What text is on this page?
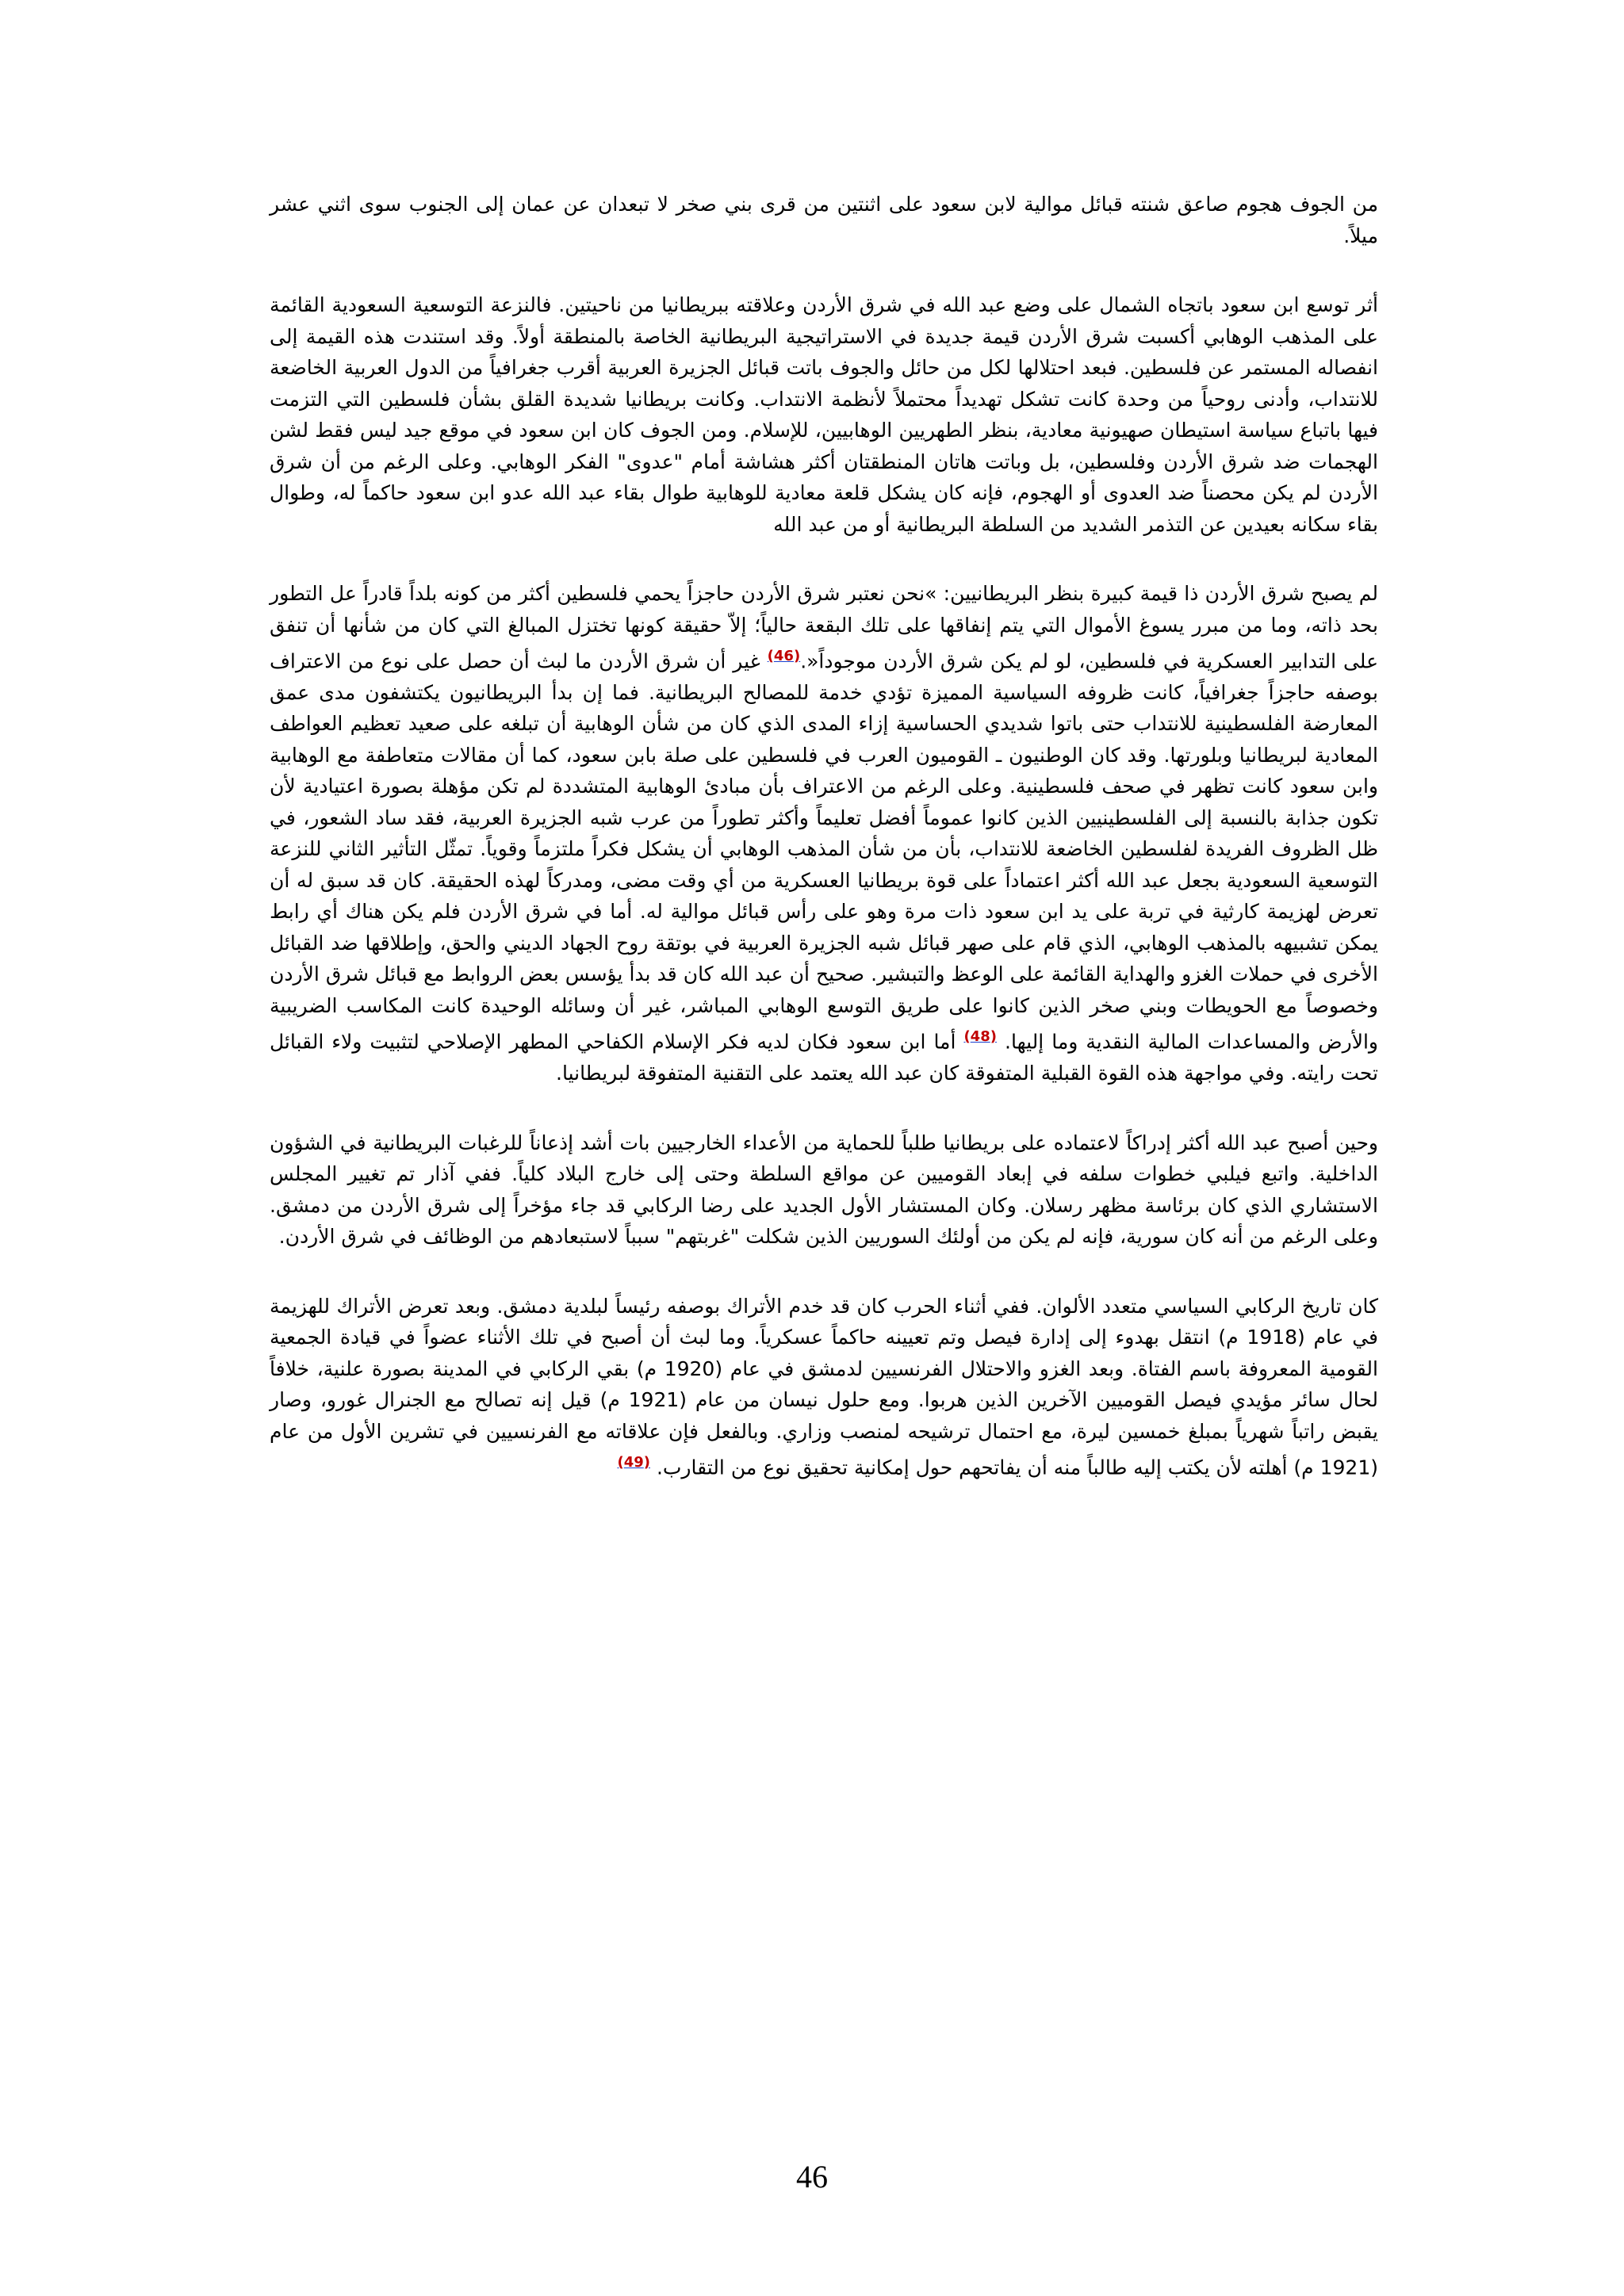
من الجوف هجوم صاعق شنته قبائل موالية لابن سعود على اثنتين من قرى بني صخر لا تبعدان عن عمان إلى الجنوب سوى اثني عشر ميلاً.

أثر توسع ابن سعود باتجاه الشمال على وضع عبد الله في شرق الأردن وعلاقته ببريطانيا من ناحيتين. فالنزعة التوسعية السعودية القائمة على المذهب الوهابي أكسبت شرق الأردن قيمة جديدة في الاستراتيجية البريطانية الخاصة بالمنطقة أولاً. وقد استندت هذه القيمة إلى انفصاله المستمر عن فلسطين. فبعد احتلالها لكل من حائل والجوف باتت قبائل الجزيرة العربية أقرب جغرافياً من الدول العربية الخاضعة للانتداب، وأدنى روحياً من وحدة كانت تشكل تهديداً محتملاً لأنظمة الانتداب. وكانت بريطانيا شديدة القلق بشأن فلسطين التي التزمت فيها باتباع سياسة استيطان صهيونية معادية، بنظر الطهريين الوهابيين، للإسلام. ومن الجوف كان ابن سعود في موقع جيد ليس فقط لشن الهجمات ضد شرق الأردن وفلسطين، بل وباتت هاتان المنطقتان أكثر هشاشة أمام "عدوى" الفكر الوهابي. وعلى الرغم من أن شرق الأردن لم يكن محصناً ضد العدوى أو الهجوم، فإنه كان يشكل قلعة معادية للوهابية طوال بقاء عبد الله عدو ابن سعود حاكماً له، وطوال بقاء سكانه بعيدين عن التذمر الشديد من السلطة البريطانية أو من عبد الله

لم يصبح شرق الأردن ذا قيمة كبيرة بنظر البريطانيين: »نحن نعتبر شرق الأردن حاجزاً يحمي فلسطين أكثر من كونه بلداً قادراً عل التطور بحد ذاته، وما من مبرر يسوغ الأموال التي يتم إنفاقها على تلك البقعة حالياً؛ إلاّ حقيقة كونها تختزل المبالغ التي كان من شأنها أن تنفق على التدابير العسكرية في فلسطين، لو لم يكن شرق الأردن موجوداً«.$^{(46)}$ غير أن شرق الأردن ما لبث أن حصل على نوع من الاعتراف بوصفه حاجزاً جغرافياً، كانت ظروفه السياسية المميزة تؤدي خدمة للمصالح البريطانية. فما إن بدأ البريطانيون يكتشفون مدى عمق المعارضة الفلسطينية للانتداب حتى باتوا شديدي الحساسية إزاء المدى الذي كان من شأن الوهابية أن تبلغه على صعيد تعظيم العواطف المعادية لبريطانيا وبلورتها. وقد كان الوطنيون ـ القوميون العرب في فلسطين على صلة بابن سعود، كما أن مقالات متعاطفة مع الوهابية وابن سعود كانت تظهر في صحف فلسطينية. وعلى الرغم من الاعتراف بأن مبادئ الوهابية المتشددة لم تكن مؤهلة بصورة اعتيادية لأن تكون جذابة بالنسبة إلى الفلسطينيين الذين كانوا عموماً أفضل تعليماً وأكثر تطوراً من عرب شبه الجزيرة العربية، فقد ساد الشعور، في ظل الظروف الفريدة لفلسطين الخاضعة للانتداب، بأن من شأن المذهب الوهابي أن يشكل فكراً ملتزماً وقوياً. تمثّل التأثير الثاني للنزعة التوسعية السعودية بجعل عبد الله أكثر اعتماداً على قوة بريطانيا العسكرية من أي وقت مضى، ومدركاً لهذه الحقيقة. كان قد سبق له أن تعرض لهزيمة كارثية في تربة على يد ابن سعود ذات مرة وهو على رأس قبائل موالية له. أما في شرق الأردن فلم يكن هناك أي رابط يمكن تشبيهه بالمذهب الوهابي، الذي قام على صهر قبائل شبه الجزيرة العربية في بوتقة روح الجهاد الديني والحق، وإطلاقها ضد القبائل الأخرى في حملات الغزو والهداية القائمة على الوعظ والتبشير. صحيح أن عبد الله كان قد بدأ يؤسس بعض الروابط مع قبائل شرق الأردن وخصوصاً مع الحويطات وبني صخر الذين كانوا على طريق التوسع الوهابي المباشر، غير أن وسائله الوحيدة كانت المكاسب الضريبية والأرض والمساعدات المالية النقدية وما إليها. $^{(48)}$ أما ابن سعود فكان لديه فكر الإسلام الكفاحي المطهر الإصلاحي لتثبيت ولاء القبائل تحت رايته. وفي مواجهة هذه القوة القبلية المتفوقة كان عبد الله يعتمد على التقنية المتفوقة لبريطانيا.

وحين أصبح عبد الله أكثر إدراكاً لاعتماده على بريطانيا طلباً للحماية من الأعداء الخارجيين بات أشد إذعاناً للرغبات البريطانية في الشؤون الداخلية. واتبع فيلبي خطوات سلفه في إبعاد القوميين عن مواقع السلطة وحتى إلى خارج البلاد كلياً. ففي آذار تم تغيير المجلس الاستشاري الذي كان برئاسة مظهر رسلان. وكان المستشار الأول الجديد على رضا الركابي قد جاء مؤخراً إلى شرق الأردن من دمشق. وعلى الرغم من أنه كان سورية، فإنه لم يكن من أولئك السوريين الذين شكلت "غربتهم" سبباً لاستبعادهم من الوظائف في شرق الأردن.

كان تاريخ الركابي السياسي متعدد الألوان. ففي أثناء الحرب كان قد خدم الأتراك بوصفه رئيساً لبلدية دمشق. وبعد تعرض الأتراك للهزيمة في عام (1918 م) انتقل بهدوء إلى إدارة فيصل وتم تعيينه حاكماً عسكرياً. وما لبث أن أصبح في تلك الأثناء عضواً في قيادة الجمعية القومية المعروفة باسم الفتاة. وبعد الغزو والاحتلال الفرنسيين لدمشق في عام (1920 م) بقي الركابي في المدينة بصورة علنية، خلافاً لحال سائر مؤيدي فيصل القوميين الآخرين الذين هربوا. ومع حلول نيسان من عام (1921 م) قيل إنه تصالح مع الجنرال غورو، وصار يقبض راتباً شهرياً بمبلغ خمسين ليرة، مع احتمال ترشيحه لمنصب وزاري. وبالفعل فإن علاقاته مع الفرنسيين في تشرين الأول من عام (1921 م) أهلته لأن يكتب إليه طالباً منه أن يفاتحهم حول إمكانية تحقيق نوع من التقارب. $^{(49)}$

46
